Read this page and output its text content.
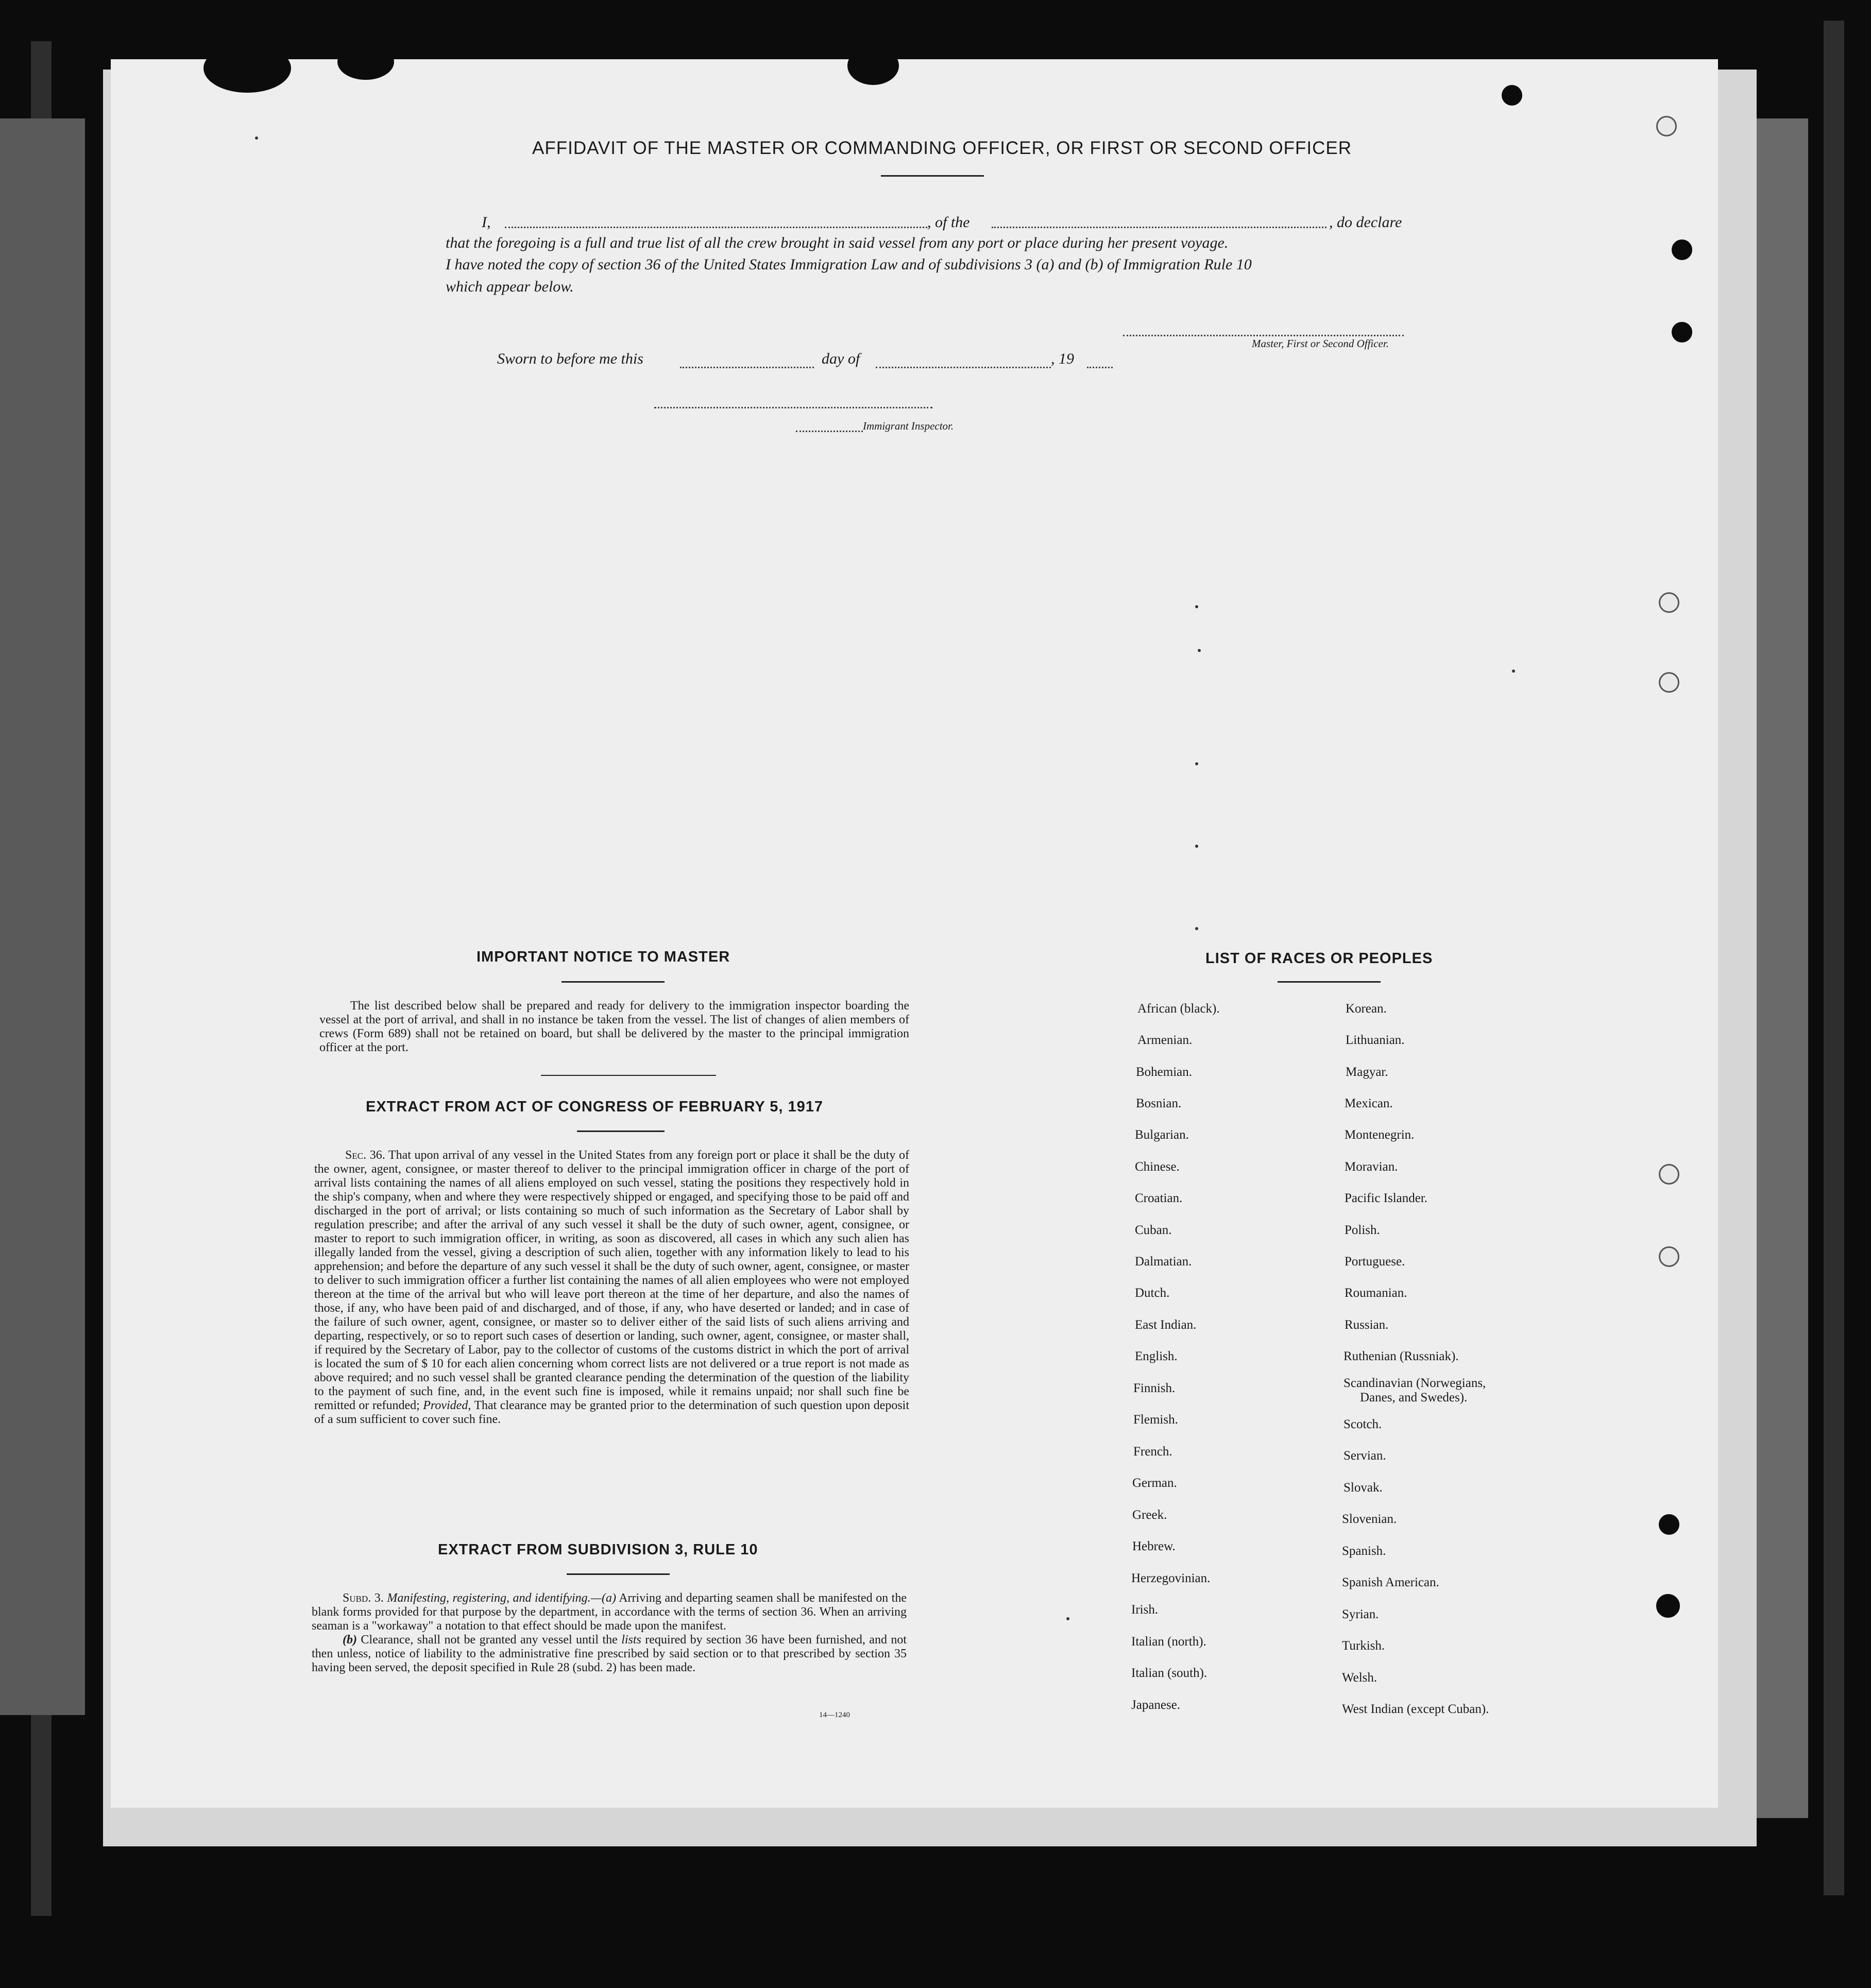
AFFIDAVIT OF THE MASTER OR COMMANDING OFFICER, OR FIRST OR SECOND OFFICER
I,	, of the	, do declare
that the foregoing is a full and true list of all the crew brought in said vessel from any port or place during her present voyage.
I have noted the copy of section 36 of the United States Immigration Law and of subdivisions 3 (a) and (b) of Immigration Rule 10
which appear below.
Master, First or Second Officer.
Sworn to before me this	day of	, 19
Immigrant Inspector.
IMPORTANT NOTICE TO MASTER

The list described below shall be prepared and ready for delivery to the immigration inspector boarding the vessel at the port of arrival, and shall in no instance be taken from the vessel. The list of changes of alien members of crews (Form 689) shall not be retained on board, but shall be delivered by the master to the principal immigration officer at the port.

EXTRACT FROM ACT OF CONGRESS OF FEBRUARY 5, 1917

Sec. 36. That upon arrival of any vessel in the United States from any foreign port or place it shall be the duty of the owner, agent, consignee, or master thereof to deliver to the principal immigration officer in charge of the port of arrival lists containing the names of all aliens employed on such vessel, stating the positions they respectively hold in the ship's company, when and where they were respectively shipped or engaged, and specifying those to be paid off and discharged in the port of arrival; or lists containing so much of such information as the Secretary of Labor shall by regulation prescribe; and after the arrival of any such vessel it shall be the duty of such owner, agent, consignee, or master to report to such immigration officer, in writing, as soon as discovered, all cases in which any such alien has illegally landed from the vessel, giving a description of such alien, together with any information likely to lead to his apprehension; and before the departure of any such vessel it shall be the duty of such owner, agent, consignee, or master to deliver to such immigration officer a further list containing the names of all alien employees who were not employed thereon at the time of the arrival but who will leave port thereon at the time of her departure, and also the names of those, if any, who have been paid of and discharged, and of those, if any, who have deserted or landed; and in case of the failure of such owner, agent, consignee, or master so to deliver either of the said lists of such aliens arriving and departing, respectively, or so to report such cases of desertion or landing, such owner, agent, consignee, or master shall, if required by the Secretary of Labor, pay to the collector of customs of the customs district in which the port of arrival is located the sum of $ 10 for each alien concerning whom correct lists are not delivered or a true report is not made as above required; and no such vessel shall be granted clearance pending the determination of the question of the liability to the payment of such fine, and, in the event such fine is imposed, while it remains unpaid; nor shall such fine be remitted or refunded; Provided, That clearance may be granted prior to the determination of such question upon deposit of a sum sufficient to cover such fine.

EXTRACT FROM SUBDIVISION 3, RULE 10

Subd. 3. Manifesting, registering, and identifying.—(a) Arriving and departing seamen shall be manifested on the blank forms provided for that purpose by the department, in accordance with the terms of section 36. When an arriving seaman is a "workaway" a notation to that effect should be made upon the manifest.

(b) Clearance, shall not be granted any vessel until the lists required by section 36 have been furnished, and not then unless, notice of liability to the administrative fine prescribed by said section or to that prescribed by section 35 having been served, the deposit specified in Rule 28 (subd. 2) has been made.

14—1240
LIST OF RACES OR PEOPLES
African (black).
Armenian.
Bohemian.
Bosnian.
Bulgarian.
Chinese.
Croatian.
Cuban.
Dalmatian.
Dutch.
East Indian.
English.
Finnish.
Flemish.
French.
German.
Greek.
Hebrew.
Herzegovinian.
Irish.
Italian (north).
Italian (south).
Japanese.
Korean.
Lithuanian.
Magyar.
Mexican.
Montenegrin.
Moravian.
Pacific Islander.
Polish.
Portuguese.
Roumanian.
Russian.
Ruthenian (Russniak).
Scandinavian (Norwegians,
Danes, and Swedes).
Scotch.
Servian.
Slovak.
Slovenian.
Spanish.
Spanish American.
Syrian.
Turkish.
Welsh.
West Indian (except Cuban).
